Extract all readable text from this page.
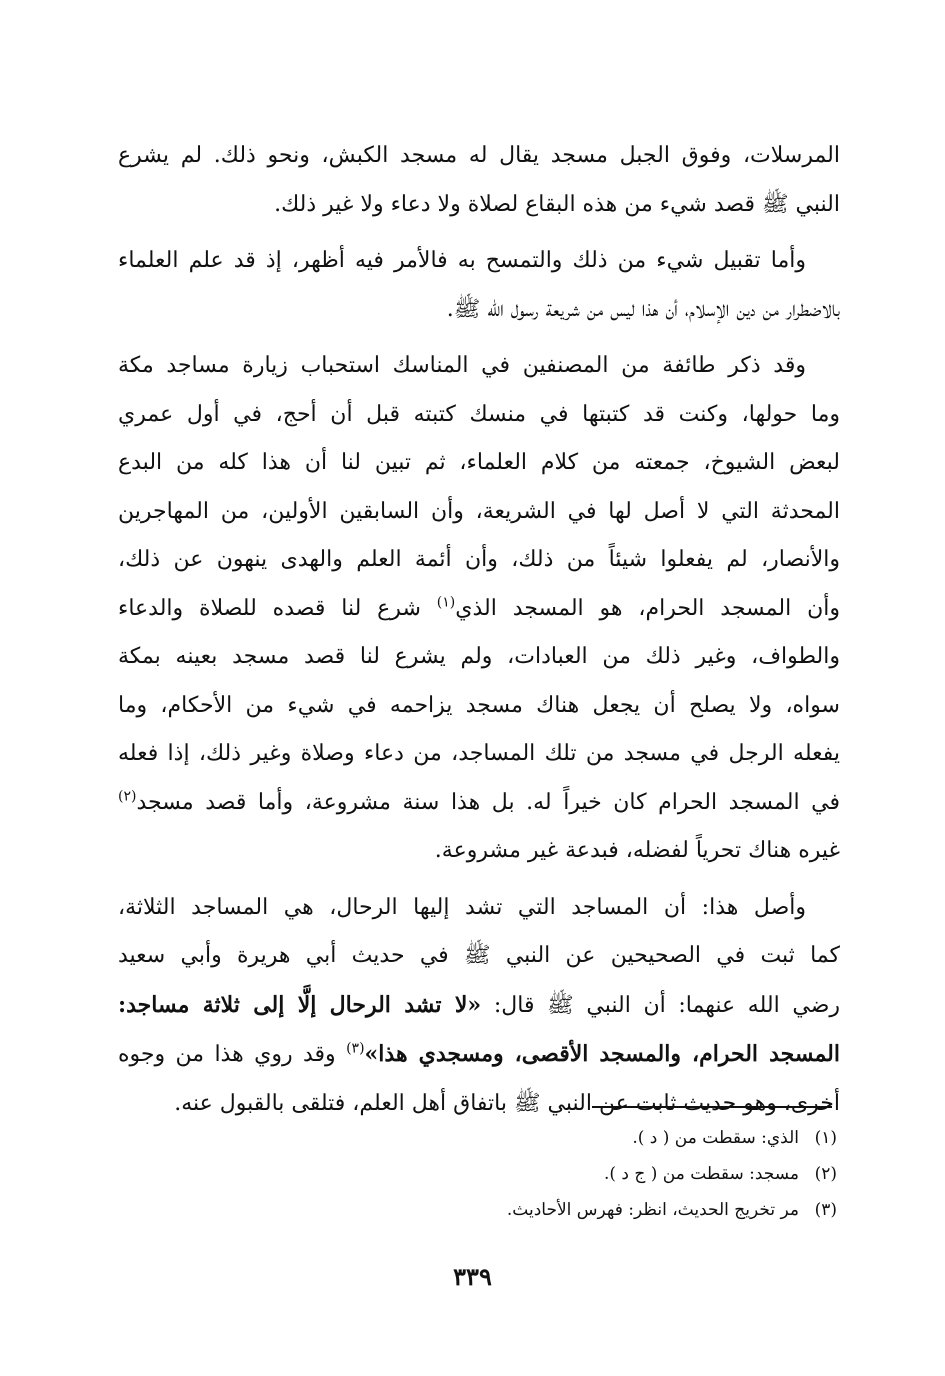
المرسلات، وفوق الجبل مسجد يقال له مسجد الكبش، ونحو ذلك. لم يشرع
النبي ﷺ قصد شيء من هذه البقاع لصلاة ولا دعاء ولا غير ذلك.
وأما تقبيل شيء من ذلك والتمسح به فالأمر فيه أظهر، إذ قد علم العلماء
بالاضطرار من دين الإسلام، أن هذا ليس من شريعة رسول الله ﷺ.
وقد ذكر طائفة من المصنفين في المناسك استحباب زيارة مساجد مكة
وما حولها، وكنت قد كتبتها في منسك كتبته قبل أن أحج، في أول عمري
لبعض الشيوخ، جمعته من كلام العلماء، ثم تبين لنا أن هذا كله من البدع
المحدثة التي لا أصل لها في الشريعة، وأن السابقين الأولين، من المهاجرين
والأنصار، لم يفعلوا شيئاً من ذلك، وأن أئمة العلم والهدى ينهون عن ذلك،
وأن المسجد الحرام، هو المسجد الذي$^{(١)}$ شرع لنا قصده للصلاة والدعاء
والطواف، وغير ذلك من العبادات، ولم يشرع لنا قصد مسجد بعينه بمكة
سواه، ولا يصلح أن يجعل هناك مسجد يزاحمه في شيء من الأحكام، وما
يفعله الرجل في مسجد من تلك المساجد، من دعاء وصلاة وغير ذلك، إذا فعله
في المسجد الحرام كان خيراً له. بل هذا سنة مشروعة، وأما قصد مسجد$^{(٢)}$
غيره هناك تحرياً لفضله، فبدعة غير مشروعة.
وأصل هذا: أن المساجد التي تشد إليها الرحال، هي المساجد الثلاثة،
كما ثبت في الصحيحين عن النبي ﷺ في حديث أبي هريرة وأبي سعيد
رضي الله عنهما: أن النبي ﷺ قال: «لا تشد الرحال إلَّا إلى ثلاثة مساجد:
المسجد الحرام، والمسجد الأقصى، ومسجدي هذا»$^{(٣)}$ وقد روي هذا من وجوه
أخرى، وهو حديث ثابت عن النبي ﷺ باتفاق أهل العلم، فتلقى بالقبول عنه.
(١)الذي: سقطت من ( د ).
(٢)مسجد: سقطت من ( ج د ).
(٣)مر تخريج الحديث، انظر: فهرس الأحاديث.
٣٣٩
